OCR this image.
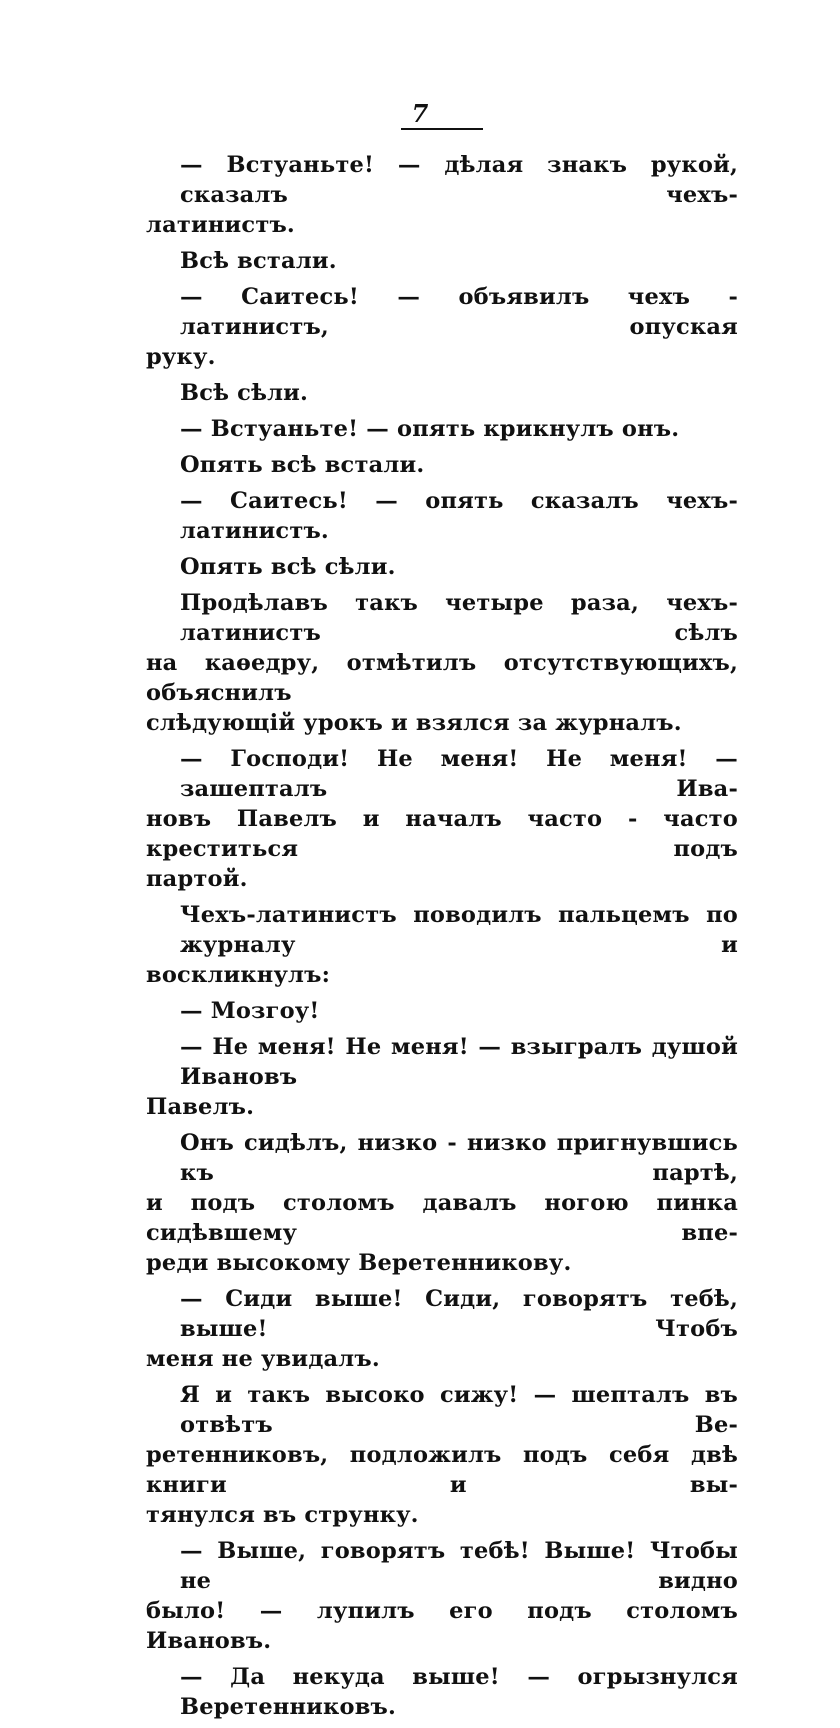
7
— Встуаньте! — дѣлая знакъ рукой, сказалъ чехъ-
латинистъ.
Всѣ встали.
— Саитесь! — объявилъ чехъ - латинистъ, опуская
руку.
Всѣ сѣли.
— Встуаньте! — опять крикнулъ онъ.
Опять всѣ встали.
— Саитесь! — опять сказалъ чехъ-латинистъ.
Опять всѣ сѣли.
Продѣлавъ такъ четыре раза, чехъ-латинистъ сѣлъ
на каѳедру, отмѣтилъ отсутствующихъ, объяснилъ
слѣдующій урокъ и взялся за журналъ.
— Господи! Не меня! Не меня! — зашепталъ Ива-
новъ Павелъ и началъ часто - часто креститься подъ
партой.
Чехъ-латинистъ поводилъ пальцемъ по журналу и
воскликнулъ:
— Мозгоу!
— Не меня! Не меня! — взыгралъ душой Ивановъ
Павелъ.
Онъ сидѣлъ, низко - низко пригнувшись къ партѣ,
и подъ столомъ давалъ ногою пинка сидѣвшему впе-
реди высокому Веретенникову.
— Сиди выше! Сиди, говорятъ тебѣ, выше! Чтобъ
меня не увидалъ.
Я и такъ высоко сижу! — шепталъ въ отвѣтъ Ве-
ретенниковъ, подложилъ подъ себя двѣ книги и вы-
тянулся въ струнку.
— Выше, говорятъ тебѣ! Выше! Чтобы не видно
было! — лупилъ его подъ столомъ Ивановъ.
— Да некуда выше! — огрызнулся Веретенниковъ.
